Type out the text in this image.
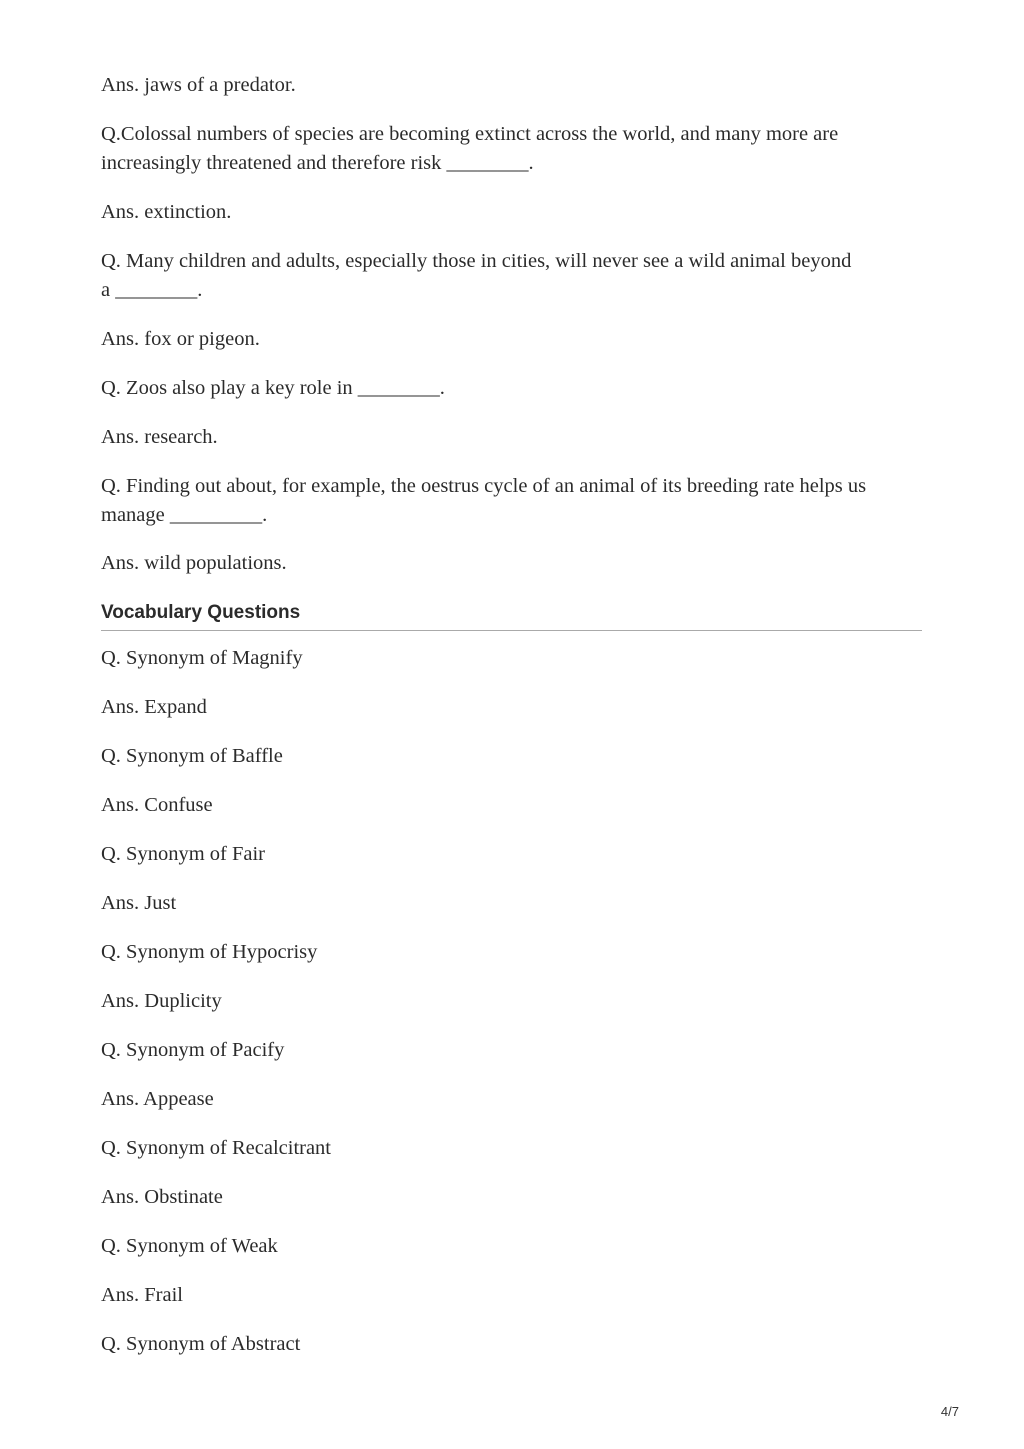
Ans. jaws of a predator.

Q.Colossal numbers of species are becoming extinct across the world, and many more are increasingly threatened and therefore risk ________.

Ans. extinction.

Q. Many children and adults, especially those in cities, will never see a wild animal beyond a ________.

Ans. fox or pigeon.

Q. Zoos also play a key role in ________.

Ans. research.

Q. Finding out about, for example, the oestrus cycle of an animal of its breeding rate helps us manage _________.

Ans. wild populations.

Vocabulary Questions

Q. Synonym of Magnify

Ans. Expand

Q. Synonym of Baffle

Ans. Confuse

Q. Synonym of Fair

Ans. Just

Q. Synonym of Hypocrisy

Ans. Duplicity

Q. Synonym of Pacify

Ans. Appease

Q. Synonym of Recalcitrant

Ans. Obstinate

Q. Synonym of Weak

Ans. Frail

Q. Synonym of Abstract

4/7
